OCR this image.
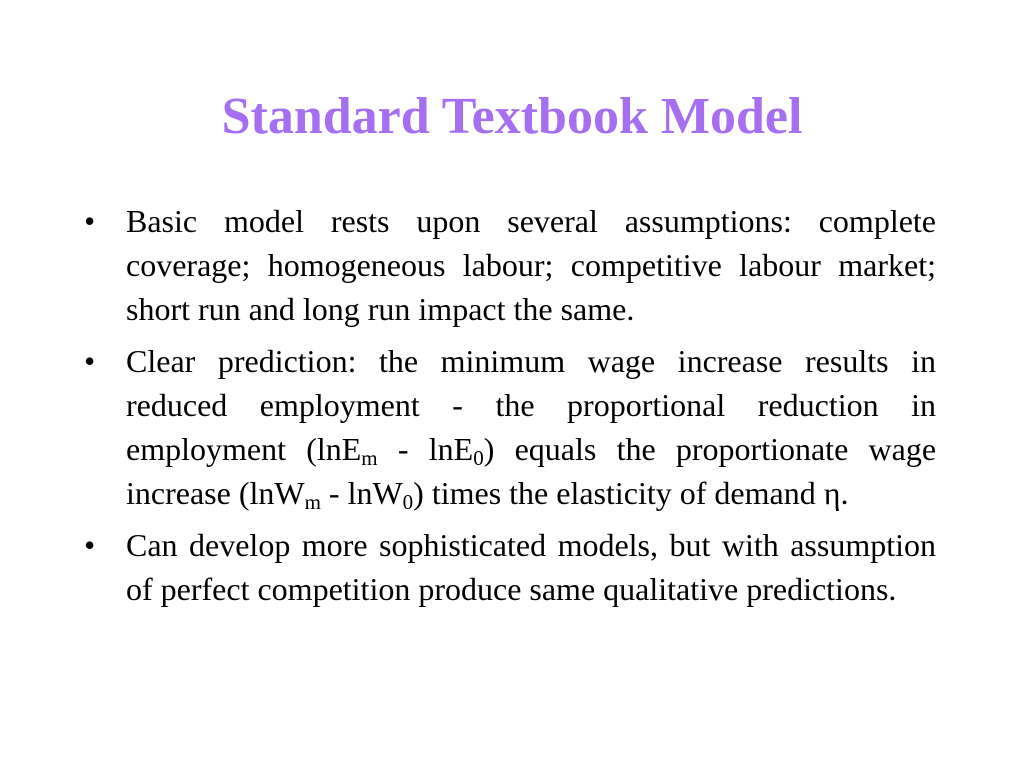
Standard Textbook Model
• Basic model rests upon several assumptions: complete coverage; homogeneous labour; competitive labour market; short run and long run impact the same.
• Clear prediction: the minimum wage increase results in reduced employment - the proportional reduction in employment (lnE$_m$ - lnE$_0$) equals the proportionate wage increase (lnW$_m$ - lnW$_0$) times the elasticity of demand η.
• Can develop more sophisticated models, but with assumption of perfect competition produce same qualitative predictions.
